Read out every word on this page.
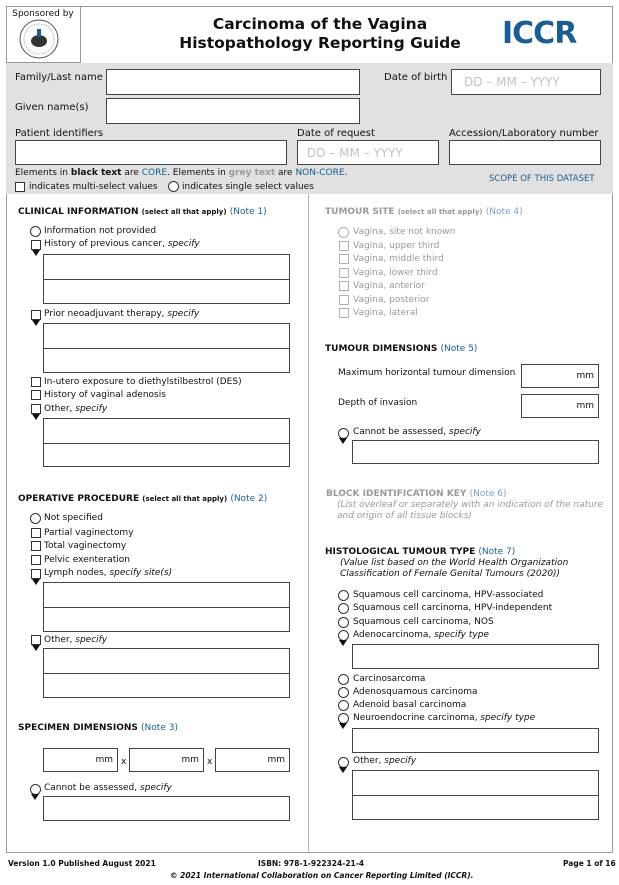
Sponsored by
Carcinoma of the Vagina
Histopathology Reporting Guide	ICCR
Family/Last name	Date of birth DD – MM – YYYY
Given name(s)
Patient identifiers	Date of request
DD – MM – YYYY
Accession/Laboratory number
Elements in black text are CORE. Elements in grey text are NON-CORE.
indicates multi-select values	indicates single select values
SCOPE OF THIS DATASET
CLINICAL INFORMATION (select all that apply) (Note 1)
Information not provided
History of previous cancer, specify
Prior neoadjuvant therapy, specify
In-utero exposure to diethylstilbestrol (DES)
History of vaginal adenosis
Other, specify
OPERATIVE PROCEDURE (select all that apply) (Note 2)
Not specified
Partial vaginectomy
Total vaginectomy
Pelvic exenteration
Lymph nodes, specify site(s)
Other, specify
SPECIMEN DIMENSIONS (Note 3)
mm x	mm x	mm
Cannot be assessed, specify
TUMOUR SITE (select all that apply) (Note 4)
Vagina, site not known
Vagina, upper third
Vagina, middle third
Vagina, lower third
Vagina, anterior
Vagina, posterior
Vagina, lateral
TUMOUR DIMENSIONS (Note 5)
Maximum horizontal tumour dimension	mm
Depth of invasion	mm
Cannot be assessed, specify
BLOCK IDENTIFICATION KEY (Note 6)
(List overleaf or separately with an indication of the nature
and origin of all tissue blocks)
HISTOLOGICAL TUMOUR TYPE (Note 7)
(Value list based on the World Health Organization
Classification of Female Genital Tumours (2020))
Squamous cell carcinoma, HPV-associated
Squamous cell carcinoma, HPV-independent
Squamous cell carcinoma, NOS
Adenocarcinoma, specify type
Carcinosarcoma
Adenosquamous carcinoma
Adenoid basal carcinoma
Neuroendocrine carcinoma, specify type
Other, specify
Version 1.0 Published August 2021	ISBN: 978-1-922324-21-4	Page 1 of 16
© 2021 International Collaboration on Cancer Reporting Limited (ICCR).
